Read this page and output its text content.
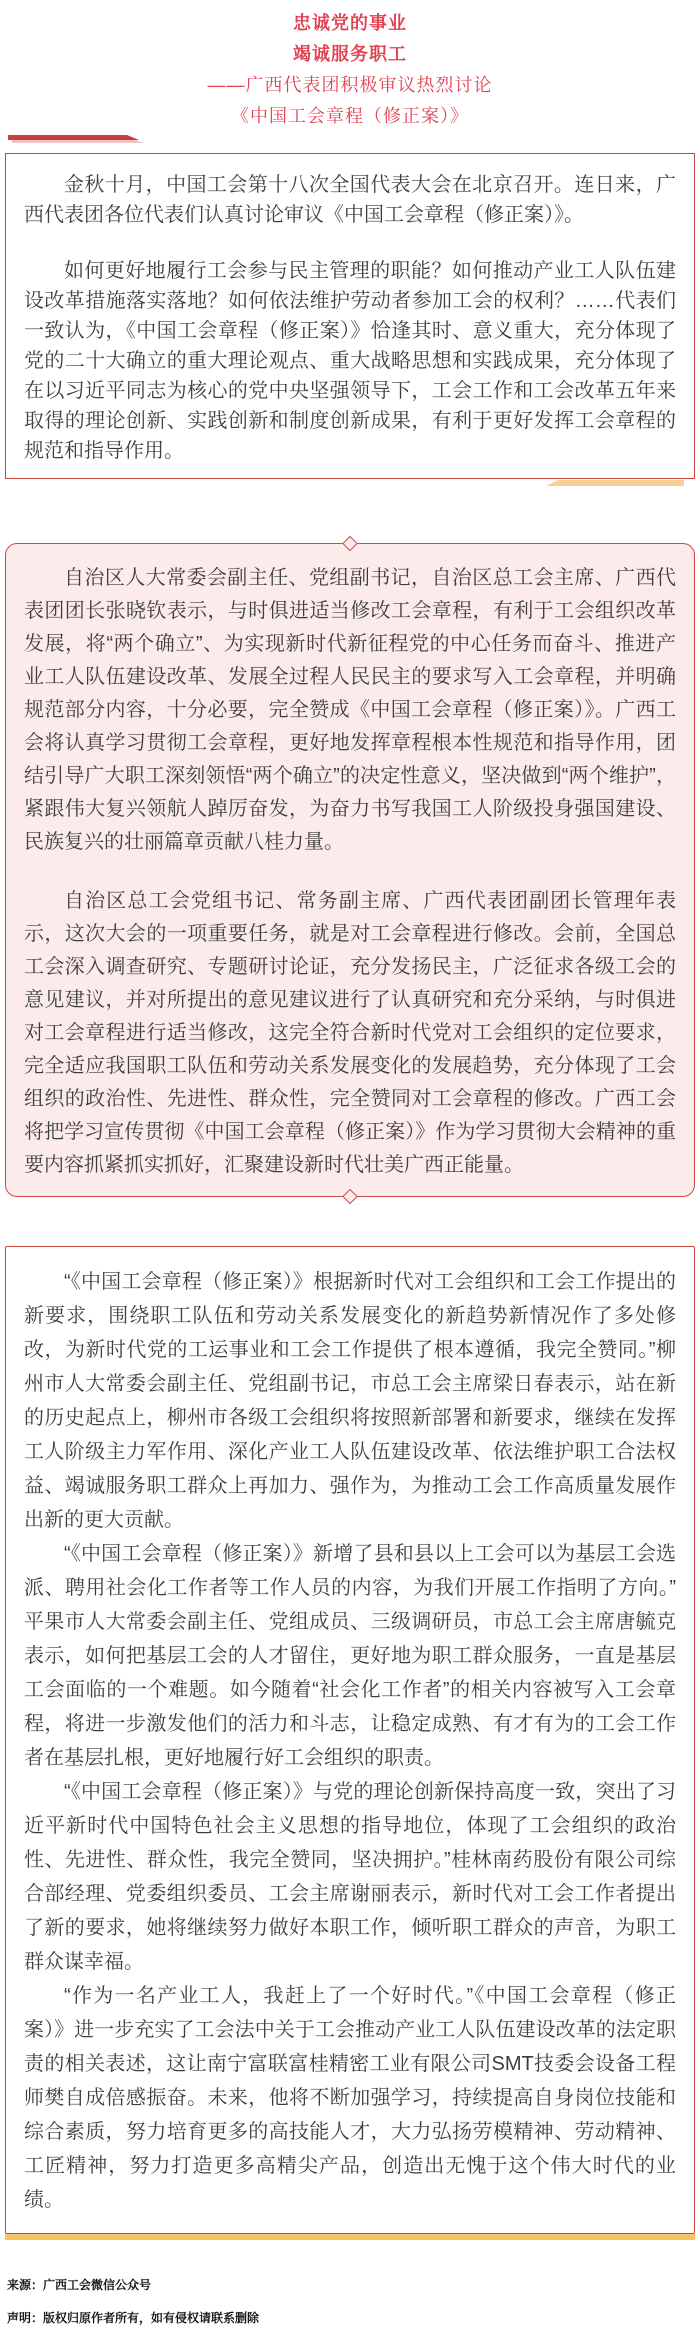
忠诚党的事业
竭诚服务职工
——广西代表团积极审议热烈讨论
《中国工会章程（修正案）》

金秋十月，中国工会第十八次全国代表大会在北京召开。连日来，广西代表团各位代表们认真讨论审议《中国工会章程（修正案）》。

如何更好地履行工会参与民主管理的职能？如何推动产业工人队伍建设改革措施落实落地？如何依法维护劳动者参加工会的权利？……代表们一致认为，《中国工会章程（修正案）》恰逢其时、意义重大，充分体现了党的二十大确立的重大理论观点、重大战略思想和实践成果，充分体现了在以习近平同志为核心的党中央坚强领导下，工会工作和工会改革五年来取得的理论创新、实践创新和制度创新成果，有利于更好发挥工会章程的规范和指导作用。

自治区人大常委会副主任、党组副书记，自治区总工会主席、广西代表团团长张晓钦表示，与时俱进适当修改工会章程，有利于工会组织改革发展，将“两个确立”、为实现新时代新征程党的中心任务而奋斗、推进产业工人队伍建设改革、发展全过程人民民主的要求写入工会章程，并明确规范部分内容，十分必要，完全赞成《中国工会章程（修正案）》。广西工会将认真学习贯彻工会章程，更好地发挥章程根本性规范和指导作用，团结引导广大职工深刻领悟“两个确立”的决定性意义，坚决做到“两个维护”，紧跟伟大复兴领航人踔厉奋发，为奋力书写我国工人阶级投身强国建设、民族复兴的壮丽篇章贡献八桂力量。

自治区总工会党组书记、常务副主席、广西代表团副团长管理年表示，这次大会的一项重要任务，就是对工会章程进行修改。会前，全国总工会深入调查研究、专题研讨论证，充分发扬民主，广泛征求各级工会的意见建议，并对所提出的意见建议进行了认真研究和充分采纳，与时俱进对工会章程进行适当修改，这完全符合新时代党对工会组织的定位要求，完全适应我国职工队伍和劳动关系发展变化的发展趋势，充分体现了工会组织的政治性、先进性、群众性，完全赞同对工会章程的修改。广西工会将把学习宣传贯彻《中国工会章程（修正案）》作为学习贯彻大会精神的重要内容抓紧抓实抓好，汇聚建设新时代壮美广西正能量。

“《中国工会章程（修正案）》根据新时代对工会组织和工会工作提出的新要求，围绕职工队伍和劳动关系发展变化的新趋势新情况作了多处修改，为新时代党的工运事业和工会工作提供了根本遵循，我完全赞同。”柳州市人大常委会副主任、党组副书记，市总工会主席梁日春表示，站在新的历史起点上，柳州市各级工会组织将按照新部署和新要求，继续在发挥工人阶级主力军作用、深化产业工人队伍建设改革、依法维护职工合法权益、竭诚服务职工群众上再加力、强作为，为推动工会工作高质量发展作出新的更大贡献。

“《中国工会章程（修正案）》新增了县和县以上工会可以为基层工会选派、聘用社会化工作者等工作人员的内容，为我们开展工作指明了方向。”平果市人大常委会副主任、党组成员、三级调研员，市总工会主席唐毓克表示，如何把基层工会的人才留住，更好地为职工群众服务，一直是基层工会面临的一个难题。如今随着“社会化工作者”的相关内容被写入工会章程，将进一步激发他们的活力和斗志，让稳定成熟、有才有为的工会工作者在基层扎根，更好地履行好工会组织的职责。

“《中国工会章程（修正案）》与党的理论创新保持高度一致，突出了习近平新时代中国特色社会主义思想的指导地位，体现了工会组织的政治性、先进性、群众性，我完全赞同，坚决拥护。”桂林南药股份有限公司综合部经理、党委组织委员、工会主席谢丽表示，新时代对工会工作者提出了新的要求，她将继续努力做好本职工作，倾听职工群众的声音，为职工群众谋幸福。

“作为一名产业工人，我赶上了一个好时代。”《中国工会章程（修正案）》进一步充实了工会法中关于工会推动产业工人队伍建设改革的法定职责的相关表述，这让南宁富联富桂精密工业有限公司SMT技委会设备工程师樊自成倍感振奋。未来，他将不断加强学习，持续提高自身岗位技能和综合素质，努力培育更多的高技能人才，大力弘扬劳模精神、劳动精神、工匠精神，努力打造更多高精尖产品，创造出无愧于这个伟大时代的业绩。

来源：广西工会微信公众号

声明：版权归原作者所有，如有侵权请联系删除
